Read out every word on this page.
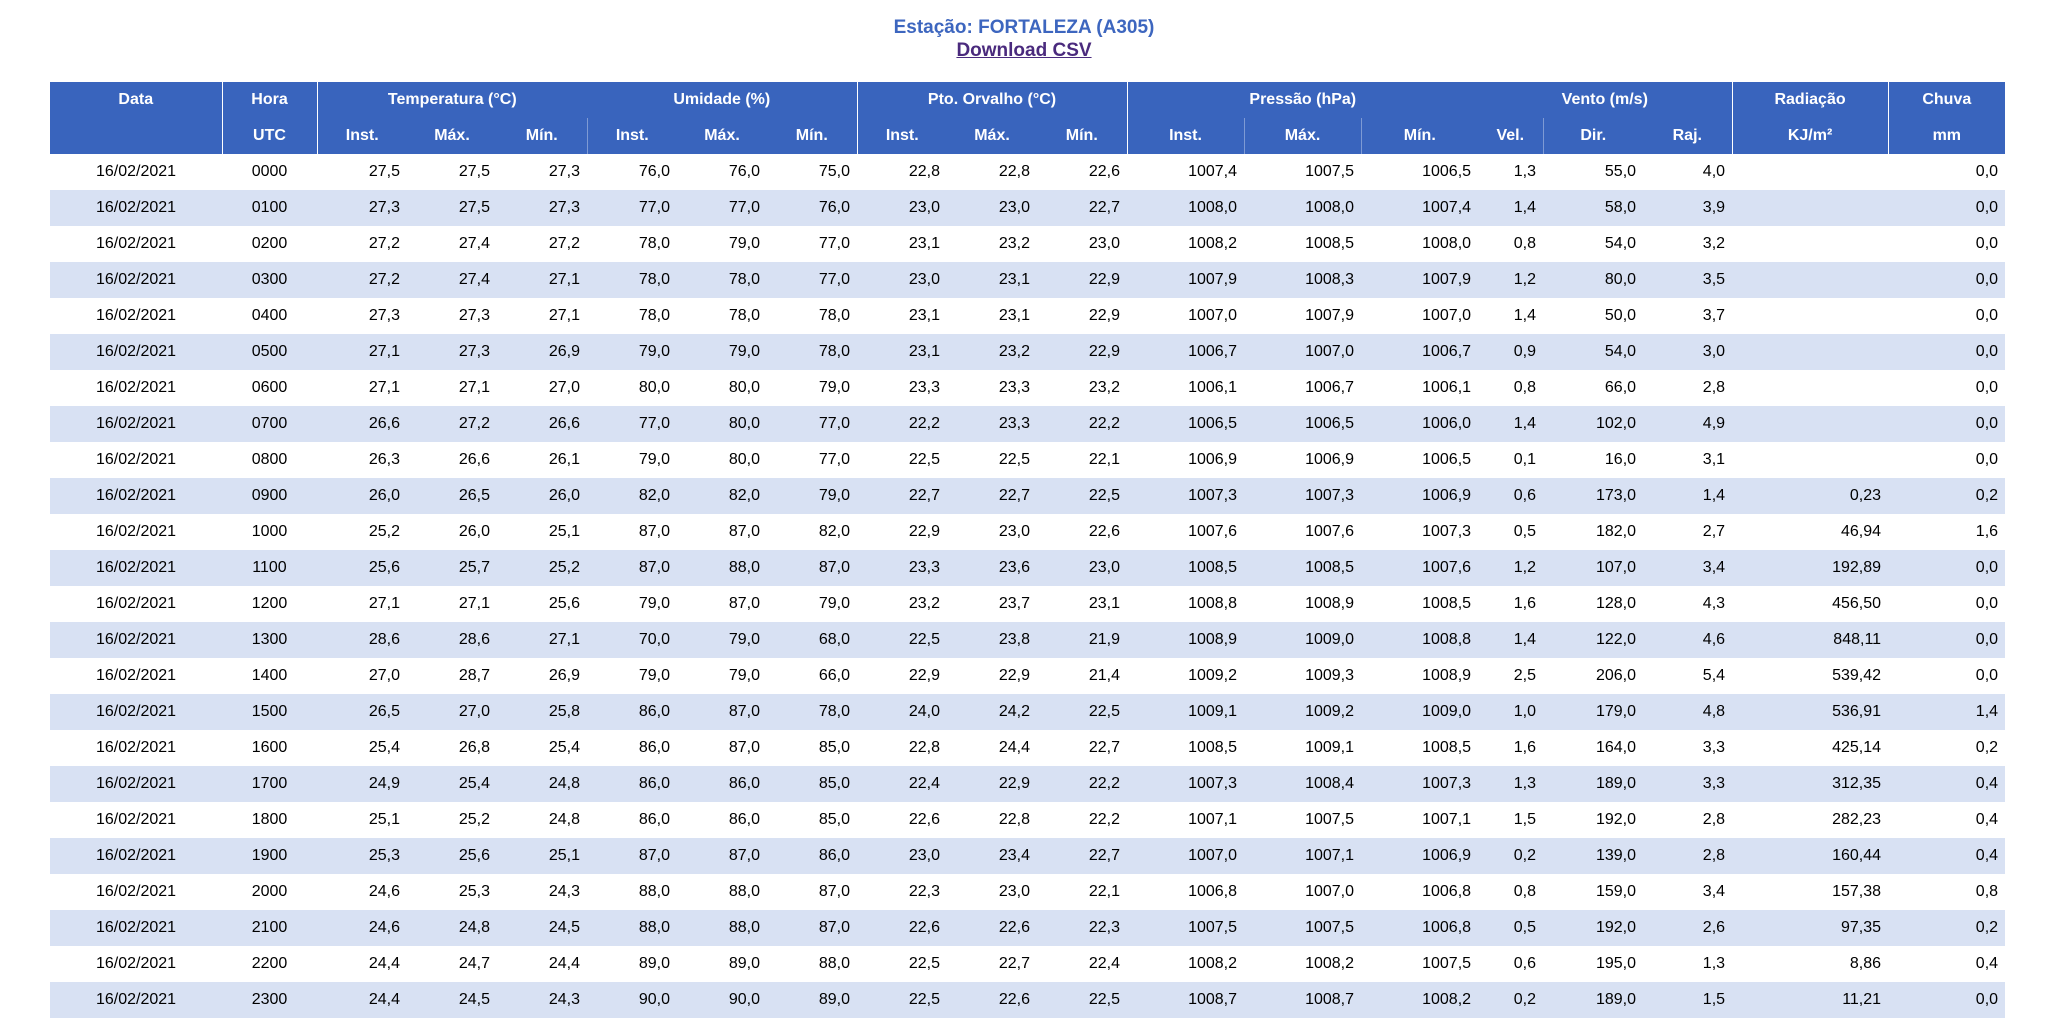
Estação: FORTALEZA (A305)
Download CSV
Data	Hora	Temperatura (°C)			Umidade (%)			Pto. Orvalho (°C)			Pressão (hPa)			Vento (m/s)			Radiação	Chuva
	UTC	Inst.	Máx.	Mín.	Inst.	Máx.	Mín.	Inst.	Máx.	Mín.	Inst.	Máx.	Mín.	Vel.	Dir.	Raj.	KJ/m²	mm
16/02/2021	0000	27,5	27,5	27,3	76,0	76,0	75,0	22,8	22,8	22,6	1007,4	1007,5	1006,5	1,3	55,0	4,0		0,0
16/02/2021	0100	27,3	27,5	27,3	77,0	77,0	76,0	23,0	23,0	22,7	1008,0	1008,0	1007,4	1,4	58,0	3,9		0,0
16/02/2021	0200	27,2	27,4	27,2	78,0	79,0	77,0	23,1	23,2	23,0	1008,2	1008,5	1008,0	0,8	54,0	3,2		0,0
16/02/2021	0300	27,2	27,4	27,1	78,0	78,0	77,0	23,0	23,1	22,9	1007,9	1008,3	1007,9	1,2	80,0	3,5		0,0
16/02/2021	0400	27,3	27,3	27,1	78,0	78,0	78,0	23,1	23,1	22,9	1007,0	1007,9	1007,0	1,4	50,0	3,7		0,0
16/02/2021	0500	27,1	27,3	26,9	79,0	79,0	78,0	23,1	23,2	22,9	1006,7	1007,0	1006,7	0,9	54,0	3,0		0,0
16/02/2021	0600	27,1	27,1	27,0	80,0	80,0	79,0	23,3	23,3	23,2	1006,1	1006,7	1006,1	0,8	66,0	2,8		0,0
16/02/2021	0700	26,6	27,2	26,6	77,0	80,0	77,0	22,2	23,3	22,2	1006,5	1006,5	1006,0	1,4	102,0	4,9		0,0
16/02/2021	0800	26,3	26,6	26,1	79,0	80,0	77,0	22,5	22,5	22,1	1006,9	1006,9	1006,5	0,1	16,0	3,1		0,0
16/02/2021	0900	26,0	26,5	26,0	82,0	82,0	79,0	22,7	22,7	22,5	1007,3	1007,3	1006,9	0,6	173,0	1,4	0,23	0,2
16/02/2021	1000	25,2	26,0	25,1	87,0	87,0	82,0	22,9	23,0	22,6	1007,6	1007,6	1007,3	0,5	182,0	2,7	46,94	1,6
16/02/2021	1100	25,6	25,7	25,2	87,0	88,0	87,0	23,3	23,6	23,0	1008,5	1008,5	1007,6	1,2	107,0	3,4	192,89	0,0
16/02/2021	1200	27,1	27,1	25,6	79,0	87,0	79,0	23,2	23,7	23,1	1008,8	1008,9	1008,5	1,6	128,0	4,3	456,50	0,0
16/02/2021	1300	28,6	28,6	27,1	70,0	79,0	68,0	22,5	23,8	21,9	1008,9	1009,0	1008,8	1,4	122,0	4,6	848,11	0,0
16/02/2021	1400	27,0	28,7	26,9	79,0	79,0	66,0	22,9	22,9	21,4	1009,2	1009,3	1008,9	2,5	206,0	5,4	539,42	0,0
16/02/2021	1500	26,5	27,0	25,8	86,0	87,0	78,0	24,0	24,2	22,5	1009,1	1009,2	1009,0	1,0	179,0	4,8	536,91	1,4
16/02/2021	1600	25,4	26,8	25,4	86,0	87,0	85,0	22,8	24,4	22,7	1008,5	1009,1	1008,5	1,6	164,0	3,3	425,14	0,2
16/02/2021	1700	24,9	25,4	24,8	86,0	86,0	85,0	22,4	22,9	22,2	1007,3	1008,4	1007,3	1,3	189,0	3,3	312,35	0,4
16/02/2021	1800	25,1	25,2	24,8	86,0	86,0	85,0	22,6	22,8	22,2	1007,1	1007,5	1007,1	1,5	192,0	2,8	282,23	0,4
16/02/2021	1900	25,3	25,6	25,1	87,0	87,0	86,0	23,0	23,4	22,7	1007,0	1007,1	1006,9	0,2	139,0	2,8	160,44	0,4
16/02/2021	2000	24,6	25,3	24,3	88,0	88,0	87,0	22,3	23,0	22,1	1006,8	1007,0	1006,8	0,8	159,0	3,4	157,38	0,8
16/02/2021	2100	24,6	24,8	24,5	88,0	88,0	87,0	22,6	22,6	22,3	1007,5	1007,5	1006,8	0,5	192,0	2,6	97,35	0,2
16/02/2021	2200	24,4	24,7	24,4	89,0	89,0	88,0	22,5	22,7	22,4	1008,2	1008,2	1007,5	0,6	195,0	1,3	8,86	0,4
16/02/2021	2300	24,4	24,5	24,3	90,0	90,0	89,0	22,5	22,6	22,5	1008,7	1008,7	1008,2	0,2	189,0	1,5	11,21	0,0
